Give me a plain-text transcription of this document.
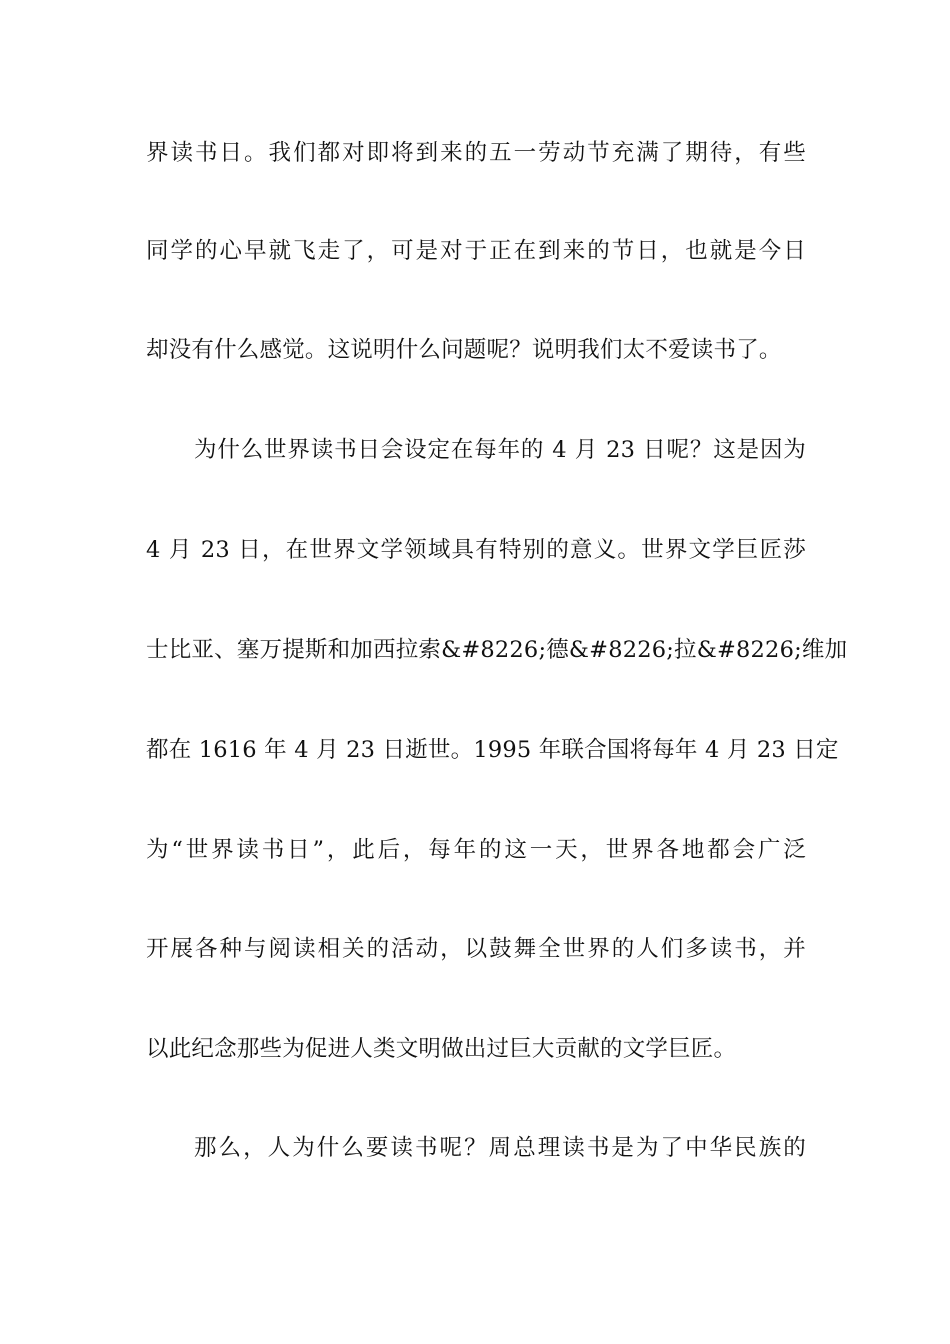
界读书日。我们都对即将到来的五一劳动节充满了期待，有些
同学的心早就飞走了，可是对于正在到来的节日，也就是今日
却没有什么感觉。这说明什么问题呢？说明我们太不爱读书了。
为什么世界读书日会设定在每年的 4 月 23 日呢？这是因为
4 月 23 日，在世界文学领域具有特别的意义。世界文学巨匠莎
士比亚、塞万提斯和加西拉索&#8226;德&#8226;拉&#8226;维加
都在 1616 年 4 月 23 日逝世。1995 年联合国将每年 4 月 23 日定
为“世界读书日”，此后，每年的这一天，世界各地都会广泛
开展各种与阅读相关的活动，以鼓舞全世界的人们多读书，并
以此纪念那些为促进人类文明做出过巨大贡献的文学巨匠。
那么，人为什么要读书呢？周总理读书是为了中华民族的
